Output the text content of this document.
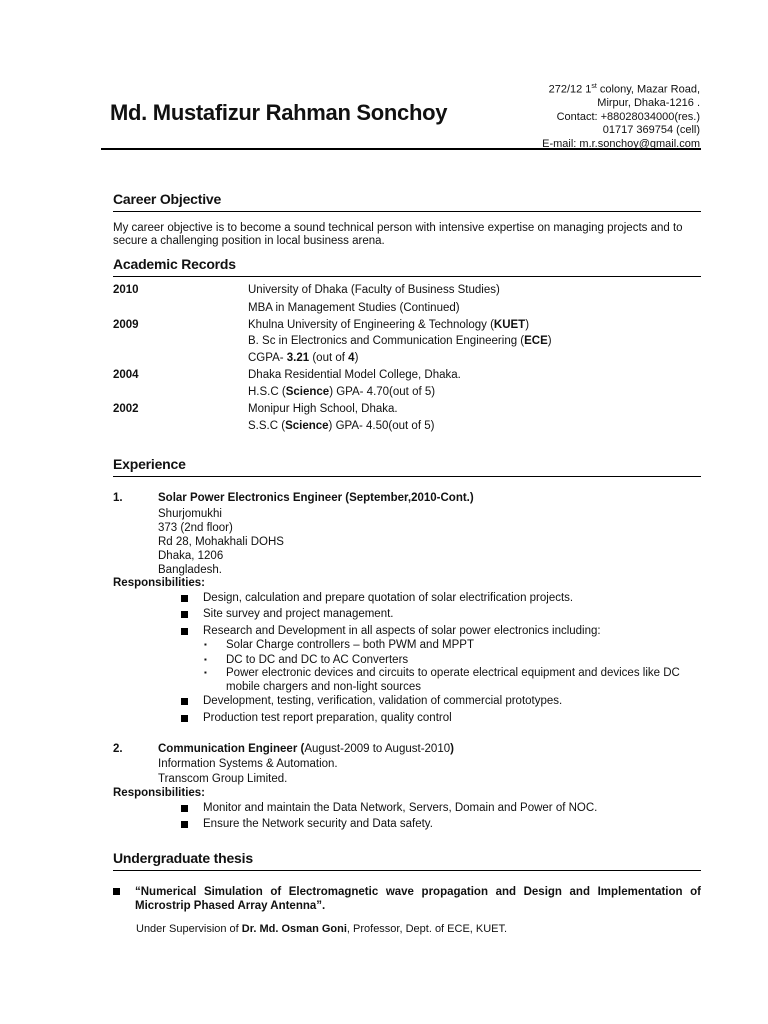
Md. Mustafizur Rahman Sonchoy
272/12 1st colony, Mazar Road,
Mirpur, Dhaka-1216 .
Contact: +88028034000(res.)
01717 369754 (cell)
E-mail: m.r.sonchoy@gmail.com
Career Objective
My career objective is to become a sound technical person with intensive expertise on managing projects and to secure a challenging position in local business arena.
Academic Records
2010	University of Dhaka (Faculty of Business Studies)
MBA in Management Studies (Continued)
2009	Khulna University of Engineering & Technology (KUET)
B. Sc in Electronics and Communication Engineering (ECE)
CGPA- 3.21 (out of 4)
2004	Dhaka Residential Model College, Dhaka.
H.S.C (Science) GPA- 4.70(out of 5)
2002	Monipur High School, Dhaka.
S.S.C (Science) GPA- 4.50(out of 5)
Experience
1.	Solar Power Electronics Engineer (September,2010-Cont.)
Shurjomukhi
373 (2nd floor)
Rd 28, Mohakhali DOHS
Dhaka, 1206
Bangladesh.
Responsibilities:
Design, calculation and prepare quotation of solar electrification projects.
Site survey and project management.
Research and Development in all aspects of solar power electronics including:
▪ Solar Charge controllers – both PWM and MPPT
▪ DC to DC and DC to AC Converters
▪ Power electronic devices and circuits to operate electrical equipment and devices like DC
mobile chargers and non-light sources
Development, testing, verification, validation of commercial prototypes.
Production test report preparation, quality control
2.	Communication Engineer (August-2009 to August-2010)
Information Systems & Automation.
Transcom Group Limited.
Responsibilities:
Monitor and maintain the Data Network, Servers, Domain and Power of NOC.
Ensure the Network security and Data safety.
Undergraduate thesis
“Numerical Simulation of Electromagnetic wave propagation and Design and Implementation of Microstrip Phased Array Antenna”.
Under Supervision of Dr. Md. Osman Goni, Professor, Dept. of ECE, KUET.
